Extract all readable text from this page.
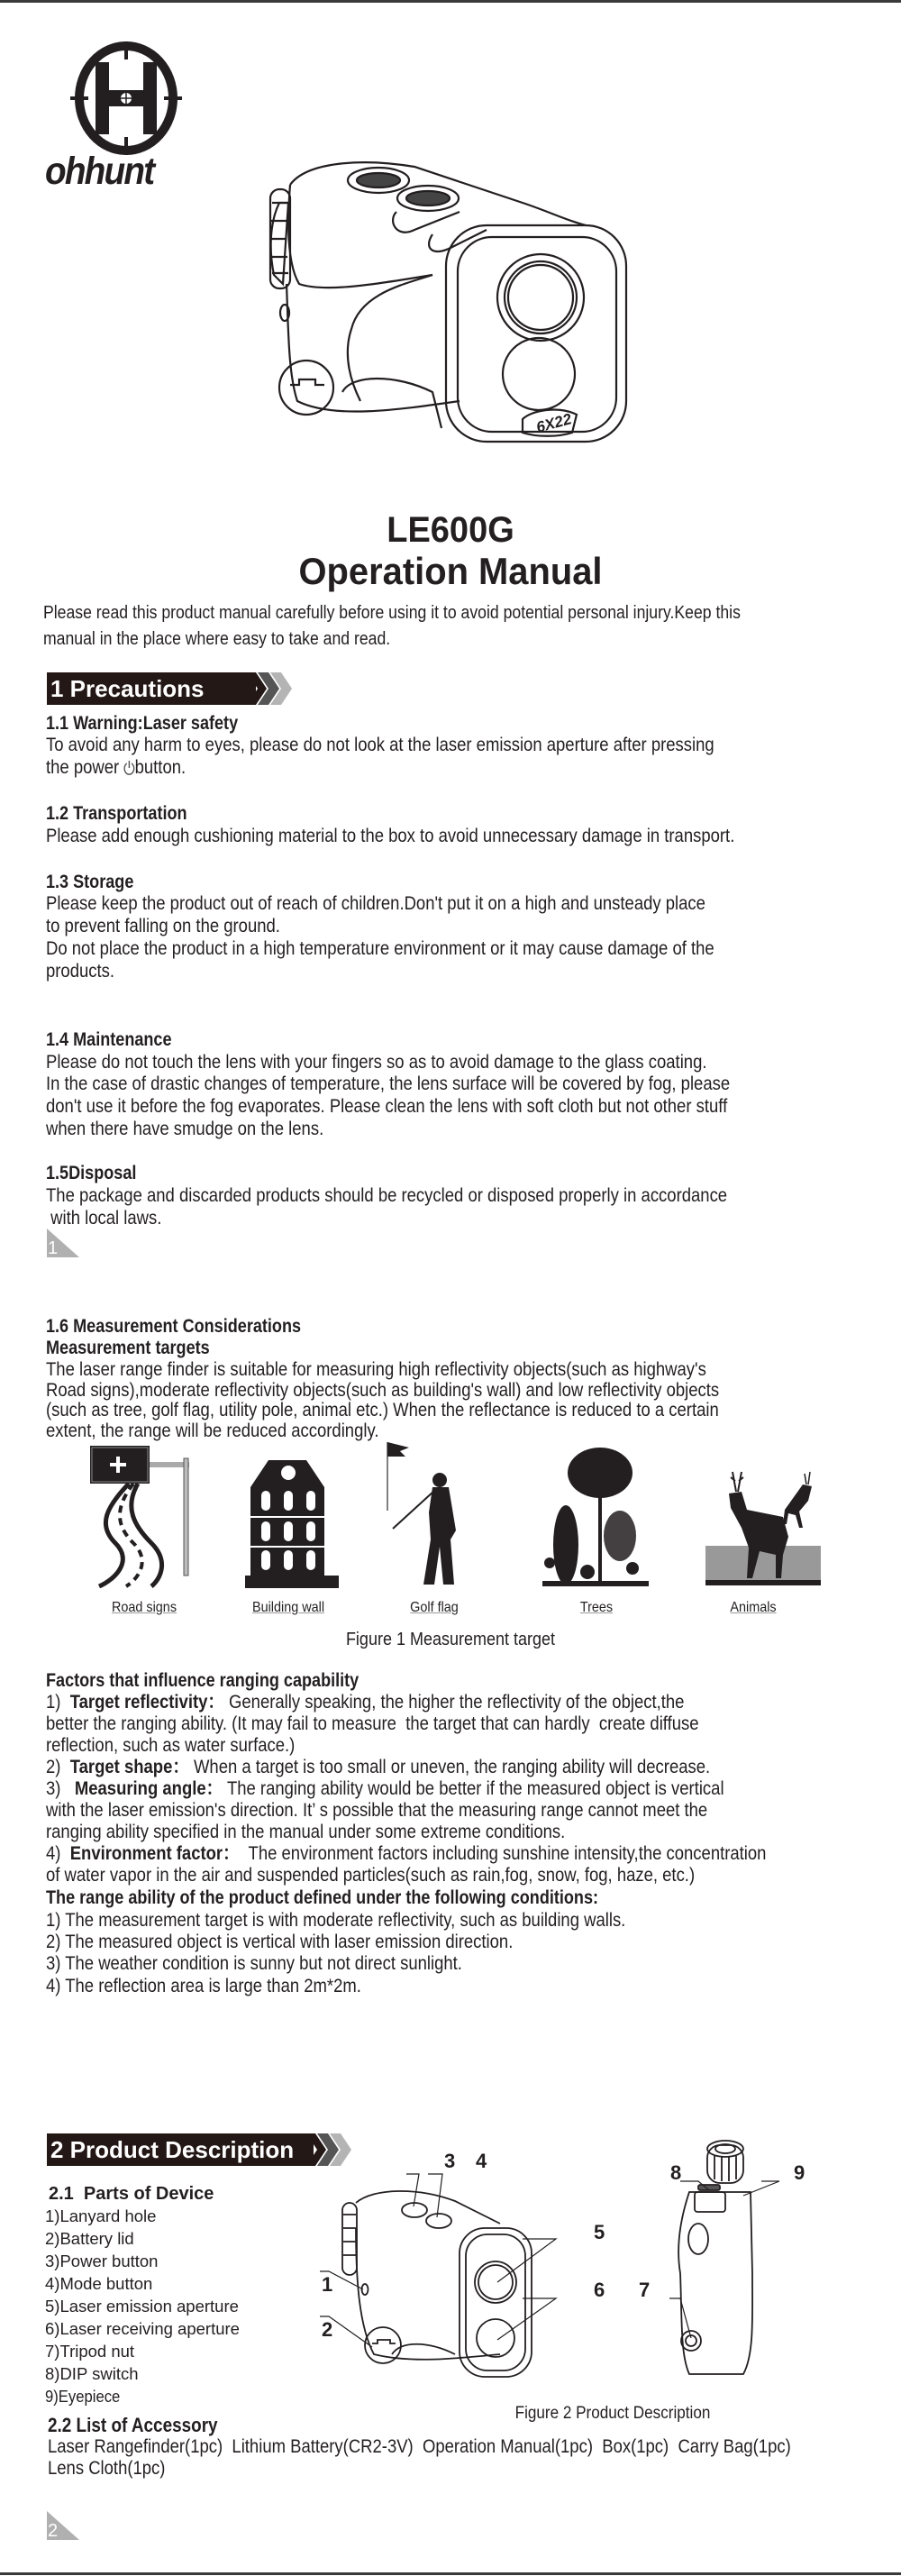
ohhunt
6X22
LE600G
Operation Manual
Please read this product manual carefully before using it to avoid potential personal injury.Keep this
manual in the place where easy to take and read.
1 Precautions
1.1 Warning:Laser safety
To avoid any harm to eyes, please do not look at the laser emission aperture after pressing
the power button.
1.2 Transportation
Please add enough cushioning material to the box to avoid unnecessary damage in transport.
1.3 Storage
Please keep the product out of reach of children.Don't put it on a high and unsteady place
to prevent falling on the ground.
Do not place the product in a high temperature environment or it may cause damage of the
products.
1.4 Maintenance
Please do not touch the lens with your fingers so as to avoid damage to the glass coating.
In the case of drastic changes of temperature, the lens surface will be covered by fog, please
don't use it before the fog evaporates. Please clean the lens with soft cloth but not other stuff
when there have smudge on the lens.
1.5Disposal
The package and discarded products should be recycled or disposed properly in accordance
with local laws.
1
1.6 Measurement Considerations
Measurement targets
The laser range finder is suitable for measuring high reflectivity objects(such as highway's
Road signs),moderate reflectivity objects(such as building's wall) and low reflectivity objects
(such as tree, golf flag, utility pole, animal etc.) When the reflectance is reduced to a certain
extent, the range will be reduced accordingly.
Road signs	Building wall	Golf flag	Trees	Animals
Figure 1 Measurement target
Factors that influence ranging capability
1)  Target reflectivity： Generally speaking, the higher the reflectivity of the object,the
better the ranging ability. (It may fail to measure  the target that can hardly  create diffuse
reflection, such as water surface.)
2)  Target shape： When a target is too small or uneven, the ranging ability will decrease.
3)   Measuring angle： The ranging ability would be better if the measured object is vertical
with the laser emission's direction. It’ s possible that the measuring range cannot meet the
ranging ability specified in the manual under some extreme conditions.
4)  Environment factor：  The environment factors including sunshine intensity,the concentration
of water vapor in the air and suspended particles(such as rain,fog, snow, fog, haze, etc.)
The range ability of the product defined under the following conditions:
1) The measurement target is with moderate reflectivity, such as building walls.
2) The measured object is vertical with laser emission direction.
3) The weather condition is sunny but not direct sunlight.
4) The reflection area is large than 2m*2m.
2 Product Description
2.1  Parts of Device
1)Lanyard hole
2)Battery lid
3)Power button
4)Mode button
5)Laser emission aperture
6)Laser receiving aperture
7)Tripod nut
8)DIP switch
9)Eyepiece
1
2
3 4
5
6 7
8	9
Figure 2 Product Description
2.2 List of Accessory
Laser Rangefinder(1pc)  Lithium Battery(CR2-3V)  Operation Manual(1pc)  Box(1pc)  Carry Bag(1pc)
Lens Cloth(1pc)
2
